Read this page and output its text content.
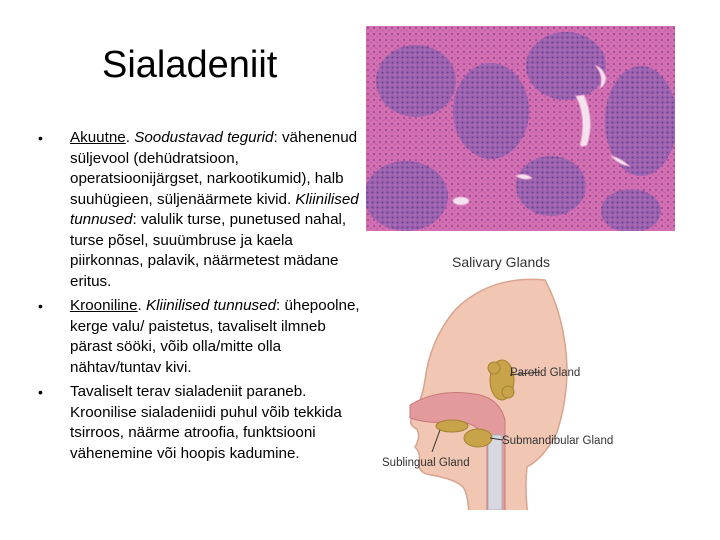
Sialadeniit
• Akuutne. Soodustavad tegurid: vähenenud süljevool (dehüdratsioon, operatsioonijärgset, narkootikumid), halb suuhügieen, süljenäärmete kivid. Kliinilised tunnused: valulik turse, punetused nahal, turse põsel, suuümbruse ja kaela piirkonnas, palavik, näärmetest mädane eritus.
• Krooniline. Kliinilised tunnused: ühepoolne, kerge valu/ paistetus, tavaliselt ilmneb pärast sööki, võib olla/mitte olla nähtav/tuntav kivi.
• Tavaliselt terav sialadeniit paraneb. Kroonilise sialadeniidi puhul võib tekkida tsirroos, näärme atroofia, funktsiooni vähenemine või hoopis kadumine.
Salivary Glands
Parotid Gland
Submandibular Gland
Sublingual Gland
